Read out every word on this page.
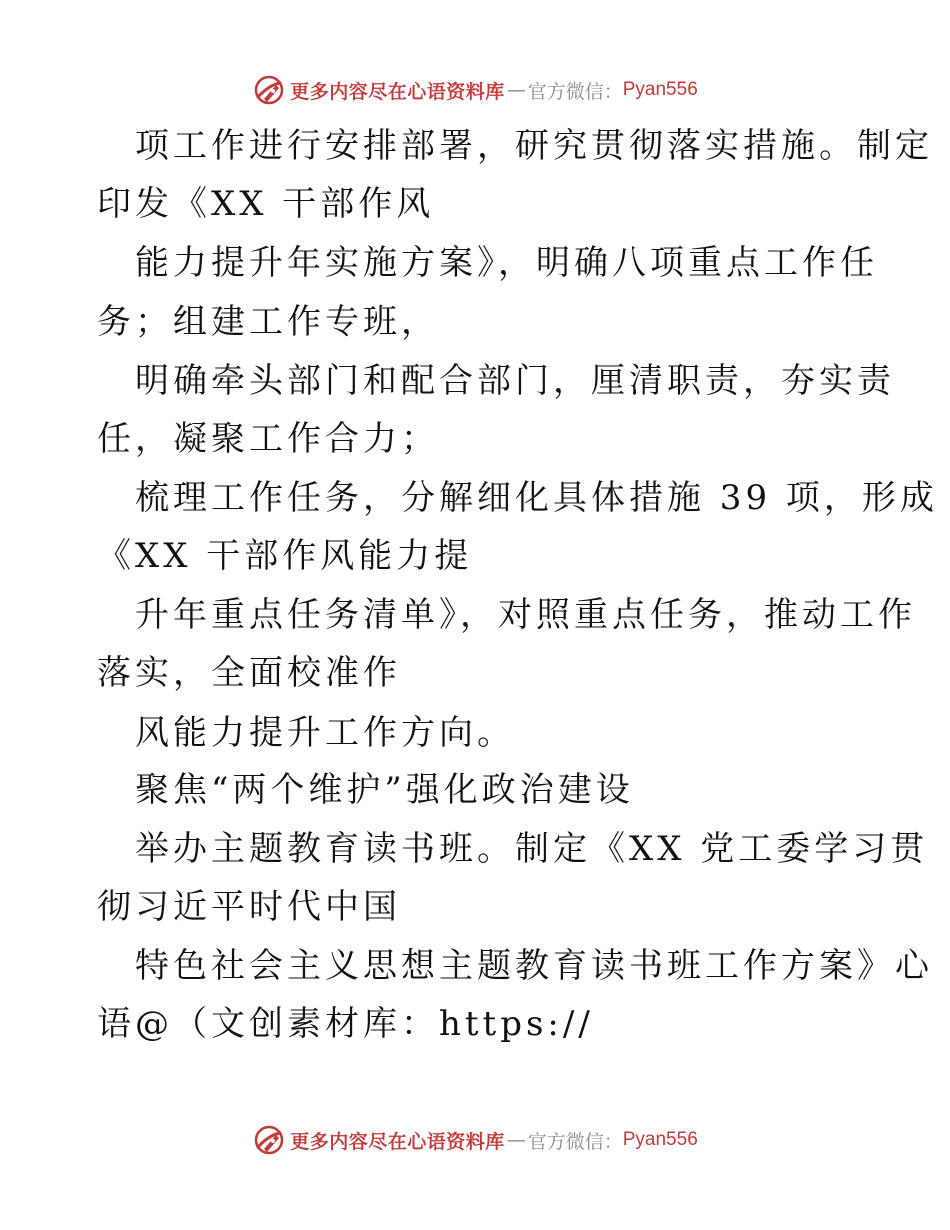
更多内容尽在心语资料库 — 官方微信： Pyan556
项工作进行安排部署，研究贯彻落实措施。制定
印发《XX 干部作风
能力提升年实施方案》，明确八项重点工作任
务；组建工作专班，
明确牵头部门和配合部门，厘清职责，夯实责
任，凝聚工作合力；
梳理工作任务，分解细化具体措施 39 项，形成
《XX 干部作风能力提
升年重点任务清单》，对照重点任务，推动工作
落实，全面校准作
风能力提升工作方向。
聚焦“两个维护”强化政治建设
举办主题教育读书班。制定《XX 党工委学习贯
彻习近平时代中国
特色社会主义思想主题教育读书班工作方案》心
语@（文创素材库：https://
更多内容尽在心语资料库 — 官方微信： Pyan556
